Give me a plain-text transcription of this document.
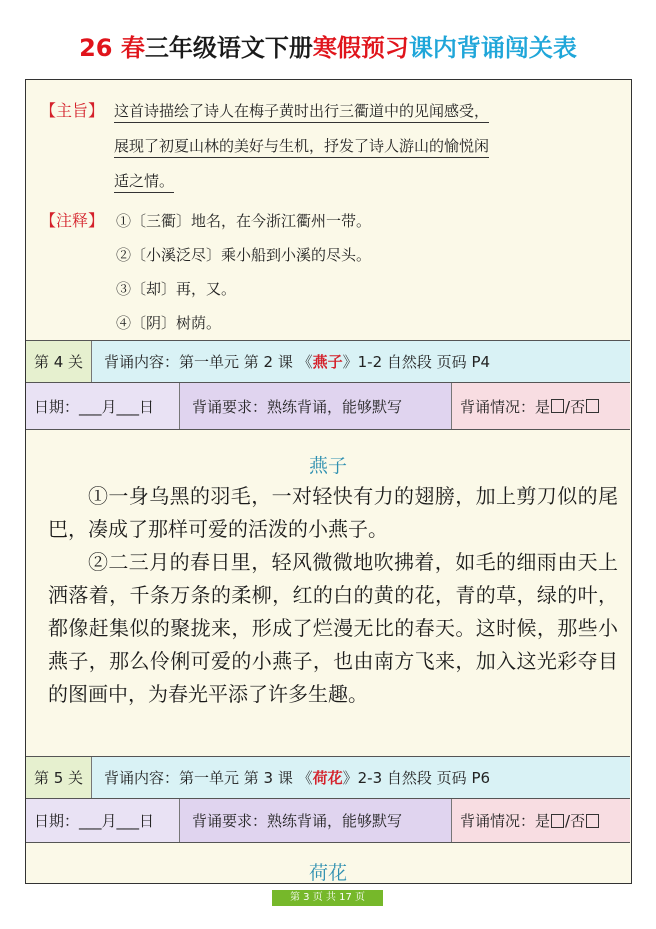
26 春三年级语文下册寒假预习课内背诵闯关表
【主旨】 这首诗描绘了诗人在梅子黄时出行三衢道中的见闻感受，
展现了初夏山林的美好与生机，抒发了诗人游山的愉悦闲
适之情。
【注释】 ①〔三衢〕地名，在今浙江衢州一带。
②〔小溪泛尽〕乘小船到小溪的尽头。
③〔却〕再，又。
④〔阴〕树荫。
第 4 关	背诵内容：第一单元 第 2 课 《 燕子 》1-2 自然段 页码 P4
日期：___月___日	背诵要求：熟练背诵，能够默写	背诵情况：是 /否
燕子

①一身乌黑的羽毛，一对轻快有力的翅膀，加上剪刀似的尾巴，凑成了那样可爱的活泼的小燕子。

②二三月的春日里，轻风微微地吹拂着，如毛的细雨由天上洒落着，千条万条的柔柳，红的白的黄的花，青的草，绿的叶，都像赶集似的聚拢来，形成了烂漫无比的春天。这时候，那些小燕子，那么伶俐可爱的小燕子，也由南方飞来，加入这光彩夺目的图画中，为春光平添了许多生趣。

第 5 关	背诵内容：第一单元 第 3 课 《 荷花 》2-3 自然段 页码 P6
日期：___月___日	背诵要求：熟练背诵，能够默写	背诵情况：是 /否
荷花
第 3 页 共 17 页
